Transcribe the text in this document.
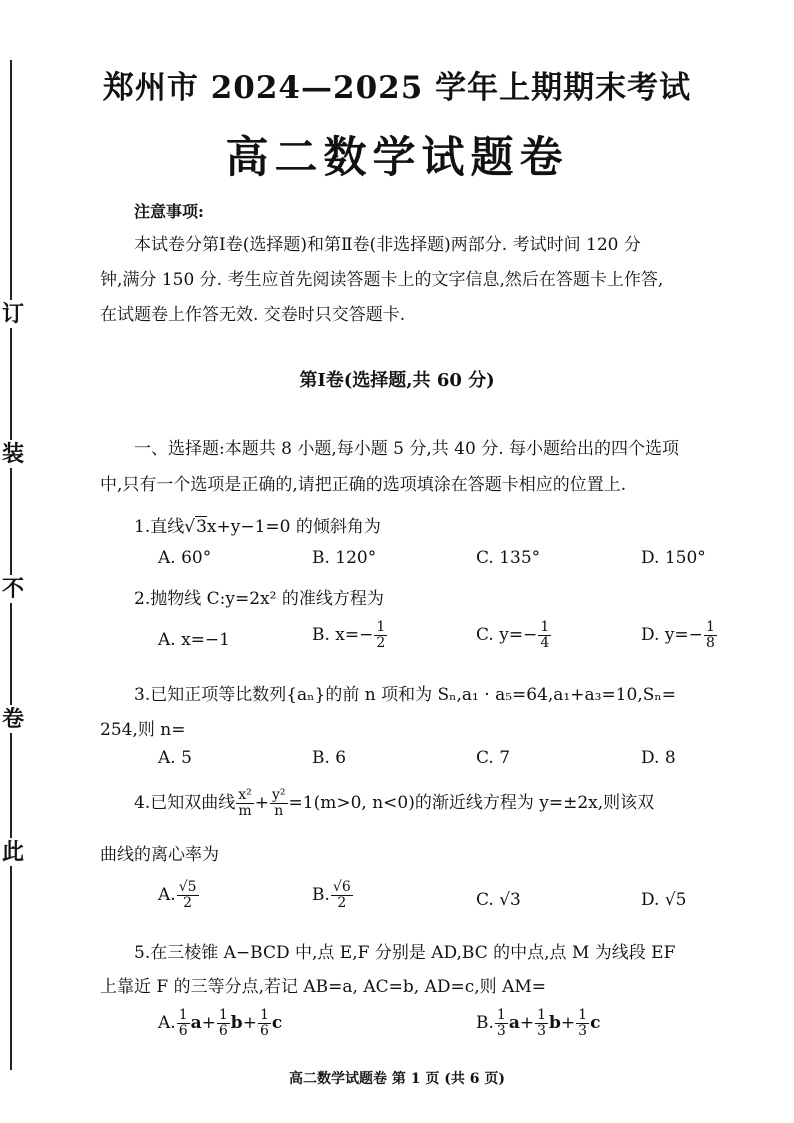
订
装
不
卷
此
郑州市 2024—2025 学年上期期末考试
高二数学试题卷
注意事项:
本试卷分第Ⅰ卷(选择题)和第Ⅱ卷(非选择题)两部分. 考试时间 120 分
钟,满分 150 分. 考生应首先阅读答题卡上的文字信息,然后在答题卡上作答,
在试题卷上作答无效. 交卷时只交答题卡.
第Ⅰ卷(选择题,共 60 分)
一、选择题:本题共 8 小题,每小题 5 分,共 40 分. 每小题给出的四个选项
中,只有一个选项是正确的,请把正确的选项填涂在答题卡相应的位置上.
1.直线√3x+y−1=0 的倾斜角为
A. 60°	B. 120°	C. 135°	D. 150°
2.抛物线 C:y=2x² 的准线方程为
A. x=−1	B. $x=- \frac{1}{2}$	C. $y=- \frac{1}{4}$	D. $y=- \frac{1}{8}$
3.已知正项等比数列{aₙ}的前 n 项和为 Sₙ,a₁ · a₅=64,a₁+a₃=10,Sₙ=
254,则 n=
A. 5	B. 6	C. 7	D. 8
4.已知双曲线 $\frac{\text{x²}}{m} + \frac{\text{y²}}{n} =1(m>0$, n<0)的渐近线方程为 y=±2x,则该双
曲线的离心率为
A. $\frac{√5}{2}$	B. $\frac{√6}{2}$	C. √3	D. √5
5.在三棱锥 A−BCD 中,点 E,F 分别是 AD,BC 的中点,点 M 为线段 EF
上靠近 F 的三等分点,若记 AB=a, AC=b, AD=c,则 AM=
A. $\frac{1}{6} a+ \frac{1}{6} b+ \frac{1}{6}$ c	B. $\frac{1}{3} a+ \frac{1}{3} b+ \frac{1}{3}$ c
高二数学试题卷 第 1 页 (共 6 页)
